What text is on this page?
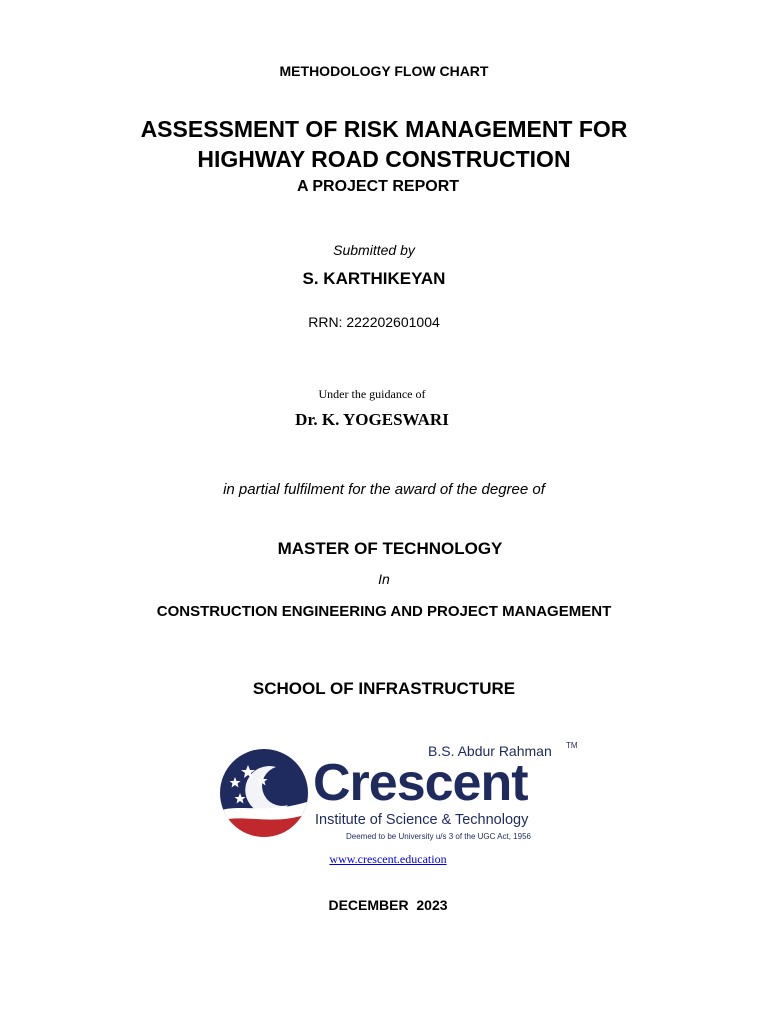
METHODOLOGY FLOW CHART
ASSESSMENT OF RISK MANAGEMENT FOR
HIGHWAY ROAD CONSTRUCTION
A PROJECT REPORT
Submitted by
S. KARTHIKEYAN
RRN: 222202601004
Under the guidance of
Dr. K. YOGESWARI
in partial fulfilment for the award of the degree of
MASTER OF TECHNOLOGY
In
CONSTRUCTION ENGINEERING AND PROJECT MANAGEMENT
SCHOOL OF INFRASTRUCTURE
B.S. Abdur Rahman TM
Crescent
Institute of Science & Technology
Deemed to be University u/s 3 of the UGC Act, 1956
www.crescent.education
DECEMBER  2023
